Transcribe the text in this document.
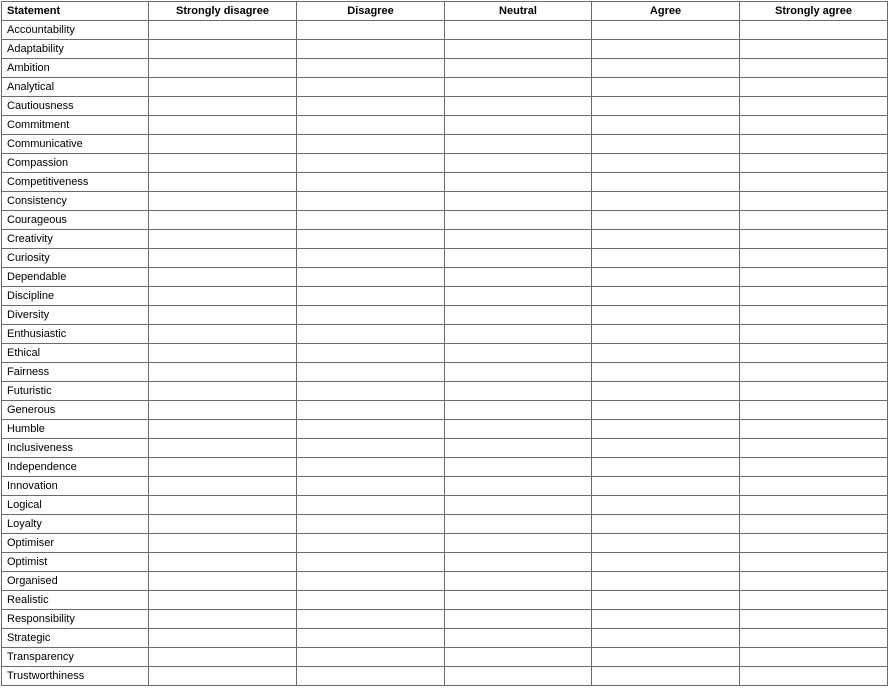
Statement	Strongly disagree	Disagree	Neutral	Agree	Strongly agree
Accountability					
Adaptability					
Ambition					
Analytical					
Cautiousness					
Commitment					
Communicative					
Compassion					
Competitiveness					
Consistency					
Courageous					
Creativity					
Curiosity					
Dependable					
Discipline					
Diversity					
Enthusiastic					
Ethical					
Fairness					
Futuristic					
Generous					
Humble					
Inclusiveness					
Independence					
Innovation					
Logical					
Loyalty					
Optimiser					
Optimist					
Organised					
Realistic					
Responsibility					
Strategic					
Transparency					
Trustworthiness					
